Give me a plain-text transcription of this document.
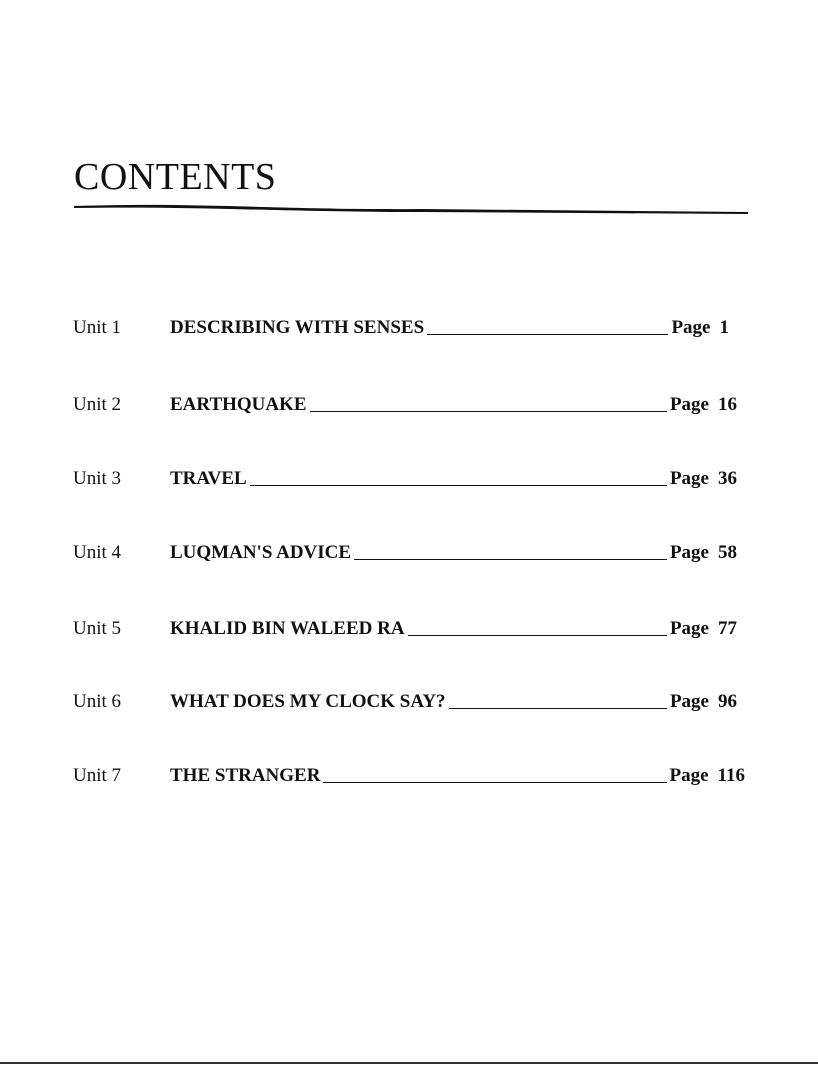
CONTENTS
Unit 1	DESCRIBING WITH SENSES	Page 1
Unit 2	EARTHQUAKE	Page 16
Unit 3	TRAVEL	Page 36
Unit 4	LUQMAN'S ADVICE	Page 58
Unit 5	KHALID BIN WALEED RA	Page 77
Unit 6	WHAT DOES MY CLOCK SAY?	Page 96
Unit 7	THE STRANGER	Page 116
